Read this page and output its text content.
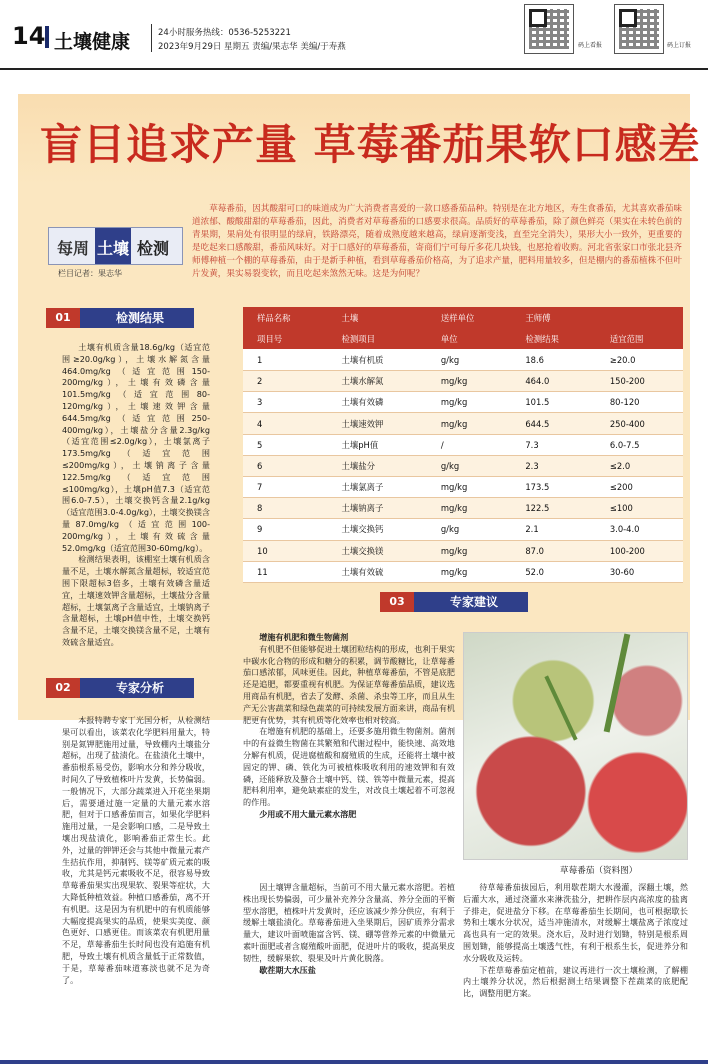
14 土壤健康	24小时服务热线：0536-5253221
2023年9月29日 星期五 责编/果志华 美编/于寿燕	码上看报	码上订报
盲目追求产量 草莓番茄果软口感差
每周 土壤 检测
栏目记者：果志华
草莓番茄，因其酸甜可口的味道成为广大消费者喜爱的一款口感番茄品种。特别是在北方地区，寿生食番茄，尤其喜欢番茄味道浓郁、酸酸甜甜的草莓番茄，因此，消费者对草莓番茄的口感要求很高。品质好的草莓番茄，除了颜色鲜亮（果实在未转色前的青果期，果肩处有很明显的绿肩，铁路漂亮，随着成熟度越来越高，绿肩逐渐变浅，直至完全消失），果形大小一致外，更重要的是吃起来口感酸甜，番茄风味好。对于口感好的草莓番茄，寄商们宁可每斤多花几块钱，也愿抢着收购。河北省张家口市张北县齐师傅种植一个棚的草莓番茄，由于是新手种植，看到草莓番茄价格高，为了追求产量，肥料用量较多，但是棚内的番茄植株不但叶片发黄，果实易裂变软，而且吃起来煞然无味。这是为何呢？
01	检测结果

土壤有机质含量18.6g/kg（适宜范围≥20.0g/kg），土壤水解氮含量464.0mg/kg（适宜范围150-200mg/kg），土壤有效磷含量101.5mg/kg（适宜范围80-120mg/kg），土壤速效钾含量644.5mg/kg（适宜范围250-400mg/kg），土壤盐分含量2.3g/kg（适宜范围≤2.0g/kg），土壤氯离子173.5mg/kg（适宜范围≤200mg/kg），土壤钠离子含量122.5mg/kg（适宜范围≤100mg/kg），土壤pH值7.3（适宜范围6.0-7.5），土壤交换钙含量2.1g/kg（适宜范围3.0-4.0g/kg），土壤交换镁含量87.0mg/kg（适宜范围100-200mg/kg），土壤有效硫含量52.0mg/kg（适宜范围30-60mg/kg）。

检测结果表明，该棚室土壤有机质含量不足，土壤水解氮含量超标，较适宜范围下限超标3倍多，土壤有效磷含量适宜，土壤速效钾含量超标，土壤盐分含量超标，土壤氯离子含量适宜，土壤钠离子含量超标，土壤pH值中性，土壤交换钙含量不足，土壤交换镁含量不足，土壤有效硫含量适宜。

样品名称	土壤	送样单位	王师傅	
项目号	检测项目	单位	检测结果	适宜范围
1	土壤有机质	g/kg	18.6	≥20.0
2	土壤水解氮	mg/kg	464.0	150-200
3	土壤有效磷	mg/kg	101.5	80-120
4	土壤速效钾	mg/kg	644.5	250-400
5	土壤pH值	/	7.3	6.0-7.5
6	土壤盐分	g/kg	2.3	≤2.0
7	土壤氯离子	mg/kg	173.5	≤200
8	土壤钠离子	mg/kg	122.5	≤100
9	土壤交换钙	g/kg	2.1	3.0-4.0
10	土壤交换镁	mg/kg	87.0	100-200
11	土壤有效硫	mg/kg	52.0	30-60
02	专家分析

本报特聘专家丁光国分析，从检测结果可以看出，该菜农化学肥料用量大，特别是氮钾肥施用过量，导致棚内土壤盐分超标，出现了盐渍化。在盐渍化土壤中，番茄根系易受伤，影响水分和养分吸收，时间久了导致植株叶片发黄，长势偏弱。一般情况下，大部分蔬菜进入开花坐果期后，需要通过施一定量的大量元素水溶肥，但对于口感番茄而言，如果化学肥料施用过量，一是会影响口感，二是导致土壤出现盐渍化，影响番茄正常生长。此外，过量的钾钾还会与其他中微量元素产生拮抗作用，抑制钙、镁等矿质元素的吸收，尤其是钙元素吸收不足，很容易导致草莓番茄果实出现果软、裂果等症状，大大降低种植效益。种植口感番茄，离不开有机肥。这是因为有机肥中的有机质能够大幅度提高果实的品质，使果实美度、颜色更好、口感更佳。而该菜农有机肥用量不足，草莓番茄生长时间也没有追施有机肥，导致土壤有机质含量低于正常数值，于是，草莓番茄味道寡淡也就不足为奇了。

03	专家建议

增施有机肥和微生物菌剂

有机肥不但能够促进土壤团粒结构的形成，也利于果实中碳水化合物的形成和糖分的积累，调节酸糖比，让草莓番茄口感浓郁，风味更佳。因此，种植草莓番茄，不管是底肥还是追肥，都要重视有机肥。为保证草莓番茄品质，建议选用商品有机肥，省去了发酵、杀菌、杀虫等工序，而且从生产无公害蔬菜和绿色蔬菜的可持续发展方面来讲，商品有机肥更有优势，其有机质等化效率也相对较高。

在增施有机肥的基础上，还要多施用微生物菌剂。菌剂中的有益微生物菌在其繁殖和代谢过程中，能快速、高效地分解有机质，促进腐植酸和腐殖质的生成，还能将土壤中被固定的钾、磷、铁化为可被植株吸收利用的速效钾和有效磷，还能释放及螯合土壤中钙、镁、铁等中微量元素，提高肥料利用率，避免缺素症的发生，对改良土壤起着不可忽视的作用。

少用或不用大量元素水溶肥

因土壤钾含量超标，当前可不用大量元素水溶肥。若植株出现长势偏弱，可少量补充养分含量高、养分全面的平衡型水溶肥，植株叶片发黄时，还应该减少养分供应，有利于缓解土壤盐渍化。草莓番茄进入坐果期后，因矿质养分需求量大，建议叶面喷施富含钙、镁、硼等营养元素的中微量元素叶面肥或者含腐殖酸叶面肥，促进叶片的吸收，提高果皮韧性，缓解果软、裂果及叶片黄化脱落。

歇茬期大水压盐

待草莓番茄拔园后，利用歇茬期大水漫灌，深翻土壤，然后灌大水，通过浇灌水来淋洗盐分，把耕作层内高浓度的盐离子排走，促进盐分下移。在草莓番茄生长期间，也可根据歇长势和土壤水分状况，适当冲施清水，对缓解土壤盐离子浓度过高也具有一定的效果。浇水后，及时进行划锄，特别是根系周围划锄，能够提高土壤透气性，有利于根系生长，促进养分和水分吸收及运转。

下茬草莓番茄定植前，建议再进行一次土壤检测，了解棚内土壤养分状况，然后根据测土结果调整下茬蔬菜的底肥配比，调整用肥方案。

草莓番茄（资料图）
